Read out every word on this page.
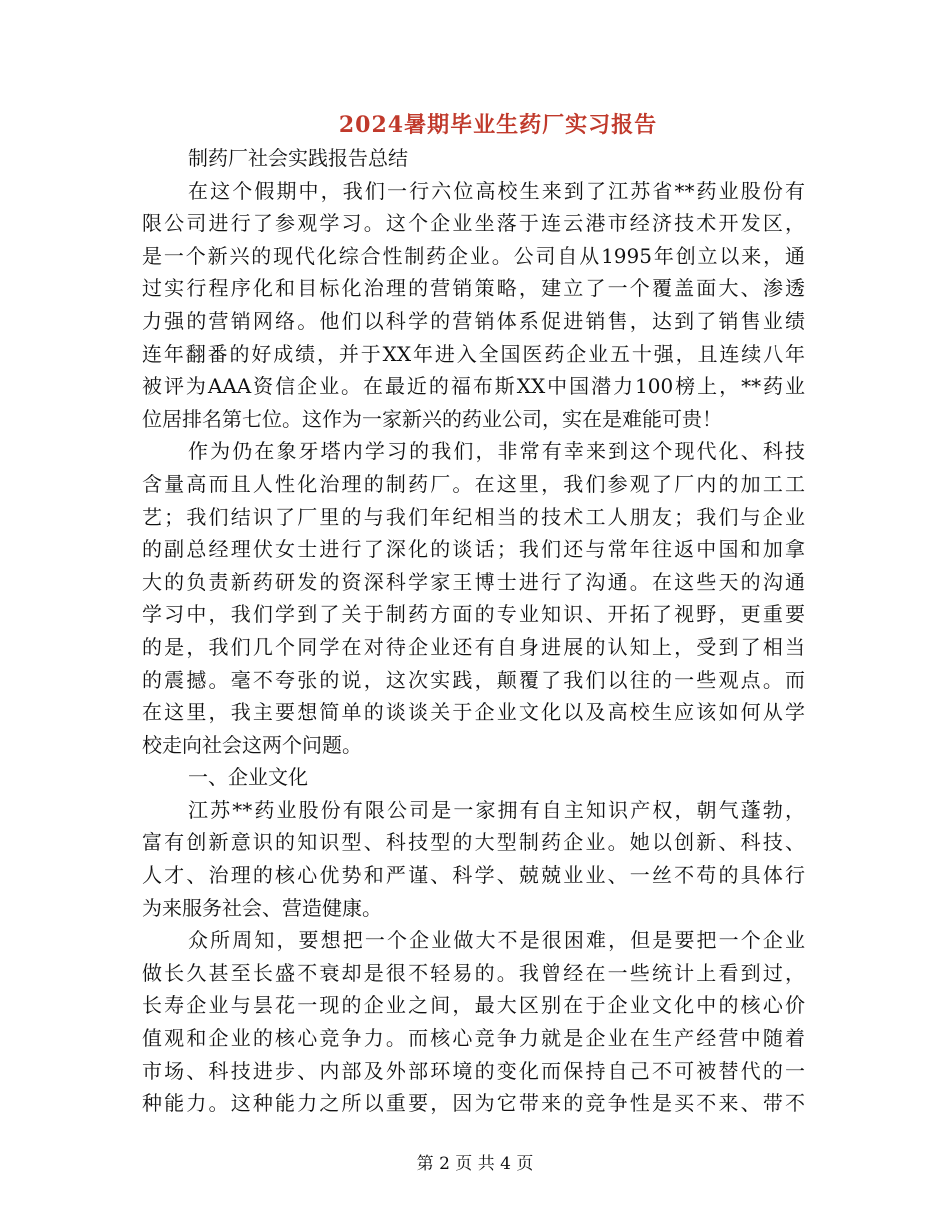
2024暑期毕业生药厂实习报告
制药厂社会实践报告总结
在这个假期中，我们一行六位高校生来到了江苏省**药业股份有
限公司进行了参观学习。这个企业坐落于连云港市经济技术开发区，
是一个新兴的现代化综合性制药企业。公司自从1995年创立以来，通
过实行程序化和目标化治理的营销策略，建立了一个覆盖面大、渗透
力强的营销网络。他们以科学的营销体系促进销售，达到了销售业绩
连年翻番的好成绩，并于XX年进入全国医药企业五十强，且连续八年
被评为AAA资信企业。在最近的福布斯XX中国潜力100榜上，**药业
位居排名第七位。这作为一家新兴的药业公司，实在是难能可贵！
作为仍在象牙塔内学习的我们，非常有幸来到这个现代化、科技
含量高而且人性化治理的制药厂。在这里，我们参观了厂内的加工工
艺；我们结识了厂里的与我们年纪相当的技术工人朋友；我们与企业
的副总经理伏女士进行了深化的谈话；我们还与常年往返中国和加拿
大的负责新药研发的资深科学家王博士进行了沟通。在这些天的沟通
学习中，我们学到了关于制药方面的专业知识、开拓了视野，更重要
的是，我们几个同学在对待企业还有自身进展的认知上，受到了相当
的震撼。毫不夸张的说，这次实践，颠覆了我们以往的一些观点。而
在这里，我主要想简单的谈谈关于企业文化以及高校生应该如何从学
校走向社会这两个问题。
一、企业文化
江苏**药业股份有限公司是一家拥有自主知识产权，朝气蓬勃，
富有创新意识的知识型、科技型的大型制药企业。她以创新、科技、
人才、治理的核心优势和严谨、科学、兢兢业业、一丝不苟的具体行
为来服务社会、营造健康。
众所周知，要想把一个企业做大不是很困难，但是要把一个企业
做长久甚至长盛不衰却是很不轻易的。我曾经在一些统计上看到过，
长寿企业与昙花一现的企业之间，最大区别在于企业文化中的核心价
值观和企业的核心竞争力。而核心竞争力就是企业在生产经营中随着
市场、科技进步、内部及外部环境的变化而保持自己不可被替代的一
种能力。这种能力之所以重要，因为它带来的竞争性是买不来、带不
第 2 页 共 4 页
